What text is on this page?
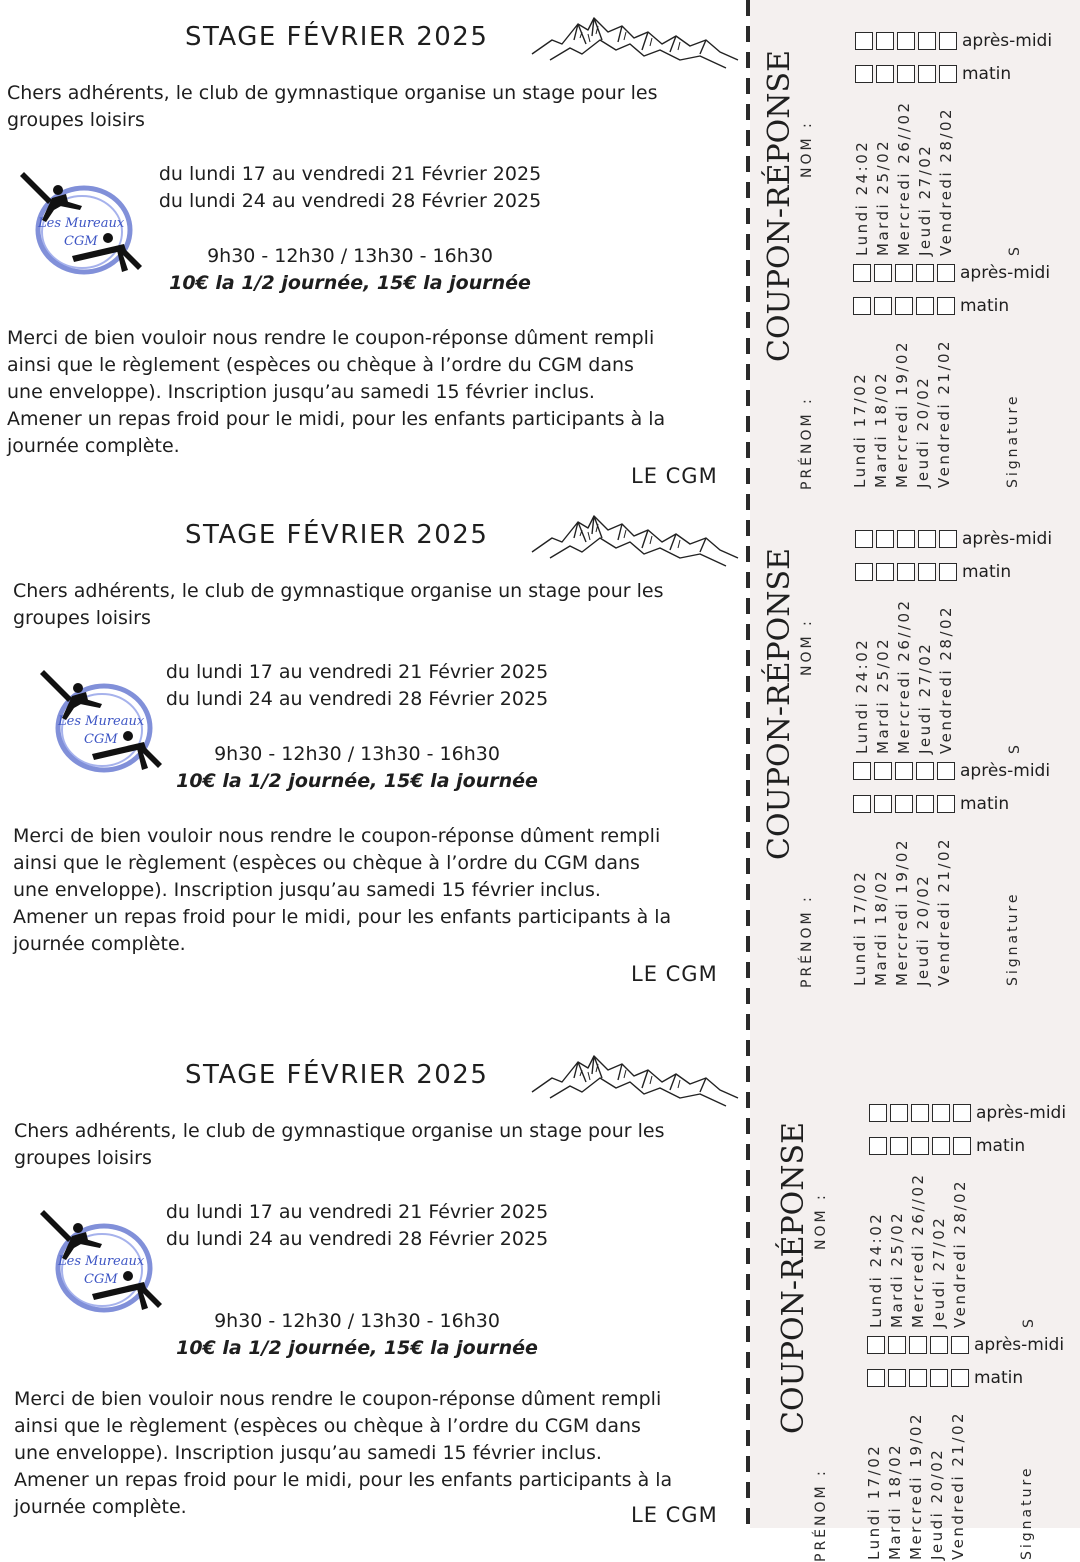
STAGE FÉVRIER 2025
Chers adhérents, le club de gymnastique organise un stage pour les
groupes loisirs
Les Mureaux
CGM
du lundi 17 au vendredi 21 Février 2025
du lundi 24 au vendredi 28 Février 2025
9h30 - 12h30 / 13h30 - 16h30
10€ la 1/2 journée, 15€ la journée
Merci de bien vouloir nous rendre le coupon-réponse dûment rempli
ainsi que le règlement (espèces ou chèque à l’ordre du CGM dans
une enveloppe). Inscription jusqu’au samedi 15 février inclus.
Amener un repas froid pour le midi, pour les enfants participants à la
journée complète.
LE CGM
COUPON-RÉPONSE NOM :
PRÉNOM :
Lundi 24:02 Mardi 25/02 Mercredi 26//02 Jeudi 27/02 Vendredi 28/02
Lundi 17/02 Mardi 18/02 Mercredi 19/02 Jeudi 20/02 Vendredi 21/02
S
Signature
après-midi
matin
après-midi
matin
STAGE FÉVRIER 2025
Chers adhérents, le club de gymnastique organise un stage pour les
groupes loisirs
Les Mureaux
CGM
du lundi 17 au vendredi 21 Février 2025
du lundi 24 au vendredi 28 Février 2025
9h30 - 12h30 / 13h30 - 16h30
10€ la 1/2 journée, 15€ la journée
Merci de bien vouloir nous rendre le coupon-réponse dûment rempli
ainsi que le règlement (espèces ou chèque à l’ordre du CGM dans
une enveloppe). Inscription jusqu’au samedi 15 février inclus.
Amener un repas froid pour le midi, pour les enfants participants à la
journée complète.
LE CGM
COUPON-RÉPONSE NOM :
PRÉNOM :
Lundi 24:02 Mardi 25/02 Mercredi 26//02 Jeudi 27/02 Vendredi 28/02
Lundi 17/02 Mardi 18/02 Mercredi 19/02 Jeudi 20/02 Vendredi 21/02
S
Signature
après-midi
matin
après-midi
matin
STAGE FÉVRIER 2025
Chers adhérents, le club de gymnastique organise un stage pour les
groupes loisirs
Les Mureaux
CGM
du lundi 17 au vendredi 21 Février 2025
du lundi 24 au vendredi 28 Février 2025
9h30 - 12h30 / 13h30 - 16h30
10€ la 1/2 journée, 15€ la journée
Merci de bien vouloir nous rendre le coupon-réponse dûment rempli
ainsi que le règlement (espèces ou chèque à l’ordre du CGM dans
une enveloppe). Inscription jusqu’au samedi 15 février inclus.
Amener un repas froid pour le midi, pour les enfants participants à la
journée complète.	LE CGM
COUPON-RÉPONSE NOM :
PRÉNOM :
Lundi 24:02 Mardi 25/02 Mercredi 26//02 Jeudi 27/02 Vendredi 28/02
Lundi 17/02 Mardi 18/02 Mercredi 19/02 Jeudi 20/02 Vendredi 21/02
S
Signature
après-midi
matin
après-midi
matin
